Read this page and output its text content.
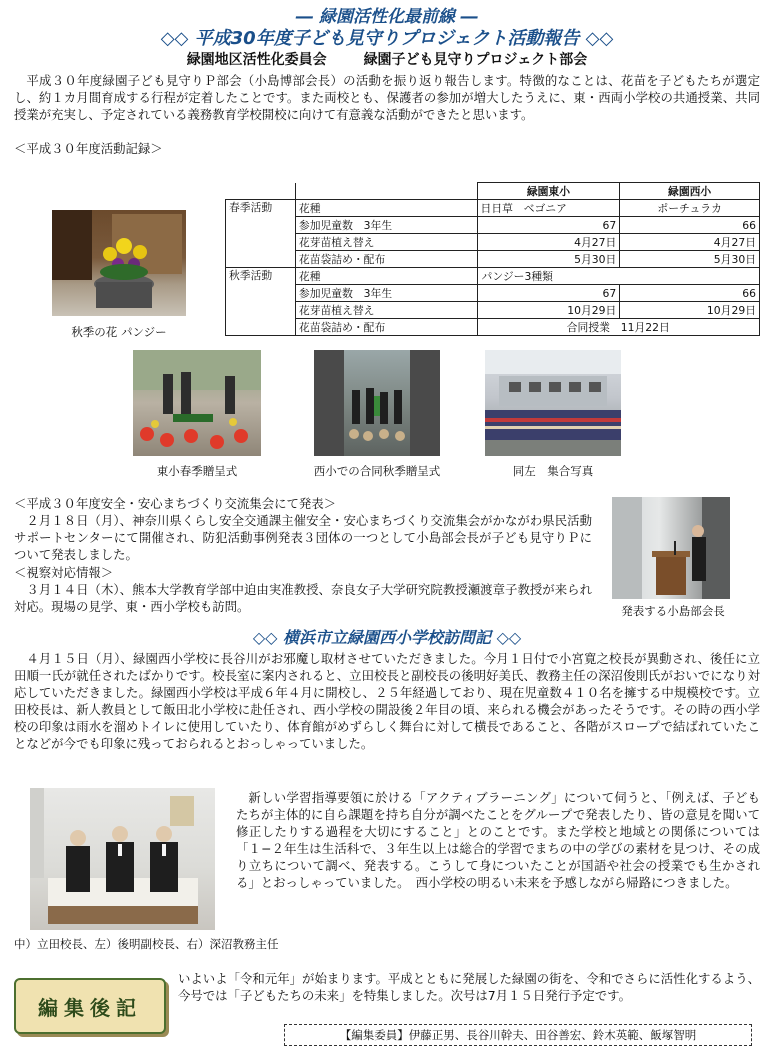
― 緑園活性化最前線 ―
◇◇ 平成30年度子ども見守りプロジェクト活動報告 ◇◇
緑園地区活性化委員会	緑園子ども見守りプロジェクト部会
平成３０年度緑園子ども見守りＰ部会（小島博部会長）の活動を振り返り報告します。特徴的なことは、花苗を子どもたちが選定し、約１カ月間育成する行程が定着したことです。また両校とも、保護者の参加が増大したうえに、東・西両小学校の共通授業、共同授業が充実し、予定されている義務教育学校開校に向けて有意義な活動ができたと思います。
＜平成３０年度活動記録＞
秋季の花 パンジー
		緑園東小	緑園西小
春季活動	花種	日日草　ベゴニア	ポーチュラカ
	参加児童数　3年生	67	66
	花芽苗植え替え	4月27日	4月27日
	花苗袋詰め・配布	5月30日	5月30日
秋季活動	花種	パンジー3種類	
	参加児童数　3年生	67	66
	花芽苗植え替え	10月29日	10月29日
	花苗袋詰め・配布	合同授業　11月22日	
東小春季贈呈式	西小での合同秋季贈呈式	同左　集合写真
＜平成３０年度安全・安心まちづくり交流集会にて発表＞
２月１８日（月）、神奈川県くらし安全交通課主催安全・安心まちづくり交流集会がかながわ県民活動サポートセンターにて開催され、防犯活動事例発表３団体の一つとして小島部会長が子ども見守りＰについて発表しました。
＜視察対応情報＞
３月１４日（木）、熊本大学教育学部中迫由実准教授、奈良女子大学研究院教授瀬渡章子教授が来られ対応。現場の見学、東・西小学校も訪問。	発表する小島部会長
◇◇ 横浜市立緑園西小学校訪問記 ◇◇
４月１５日（月）、緑園西小学校に長谷川がお邪魔し取材させていただきました。今月１日付で小宮寛之校長が異動され、後任に立田順一氏が就任されたばかりです。校長室に案内されると、立田校長と副校長の後明好美氏、教務主任の深沼俊則氏がおいでになり対応していただきました。緑園西小学校は平成６年４月に開校し、２５年経過しており、現在児童数４１０名を擁する中規模校です。立田校長は、新人教員として飯田北小学校に赴任され、西小学校の開設後２年目の頃、来られる機会があったそうです。その時の西小学校の印象は雨水を溜めトイレに使用していたり、体育館がめずらしく舞台に対して横長であること、各階がスロープで結ばれていたことなどが今でも印象に残っておられるとおっしゃっていました。
中）立田校長、左）後明副校長、右）深沼教務主任
新しい学習指導要領に於ける「アクティブラーニング」について伺うと、「例えば、子どもたちが主体的に自ら課題を持ち自分が調べたことをグループで発表したり、皆の意見を聞いて修正したりする過程を大切にすること」とのことです。また学校と地域との関係については「１−２年生は生活科で、３年生以上は総合的学習でまちの中の学びの素材を見つけ、その成り立ちについて調べ、発表する。こうして身についたことが国語や社会の授業でも生かされる」とおっしゃっていました。　西小学校の明るい未来を予感しながら帰路につきました。
編集後記
いよいよ「令和元年」が始まります。平成とともに発展した緑園の街を、令和でさらに活性化するよう、今号では「子どもたちの未来」を特集しました。次号は7月１５日発行予定です。
【編集委員】伊藤正男、長谷川幹夫、田谷善宏、鈴木英範、飯塚智明
